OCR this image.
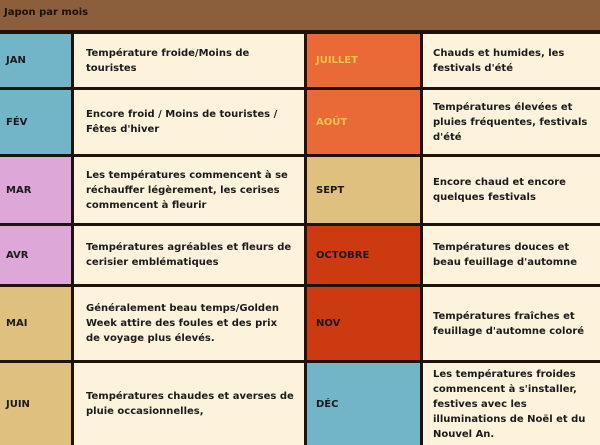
Japon par mois
JAN
Température froide/Moins de touristes
JUILLET
Chauds et humides, les festivals d'été
FÉV
Encore froid / Moins de touristes / Fêtes d'hiver
AOÛT
Températures élevées et pluies fréquentes, festivals d'été
MAR
Les températures commencent à se réchauffer légèrement, les cerises commencent à fleurir
SEPT
Encore chaud et encore quelques festivals
AVR
Températures agréables et fleurs de cerisier emblématiques
OCTOBRE
Températures douces et beau feuillage d'automne
MAI
Généralement beau temps/Golden Week attire des foules et des prix de voyage plus élevés.
NOV
Températures fraîches et feuillage d'automne coloré
JUIN
Températures chaudes et averses de pluie occasionnelles,
DÉC
Les températures froides commencent à s'installer, festives avec les illuminations de Noël et du Nouvel An.
